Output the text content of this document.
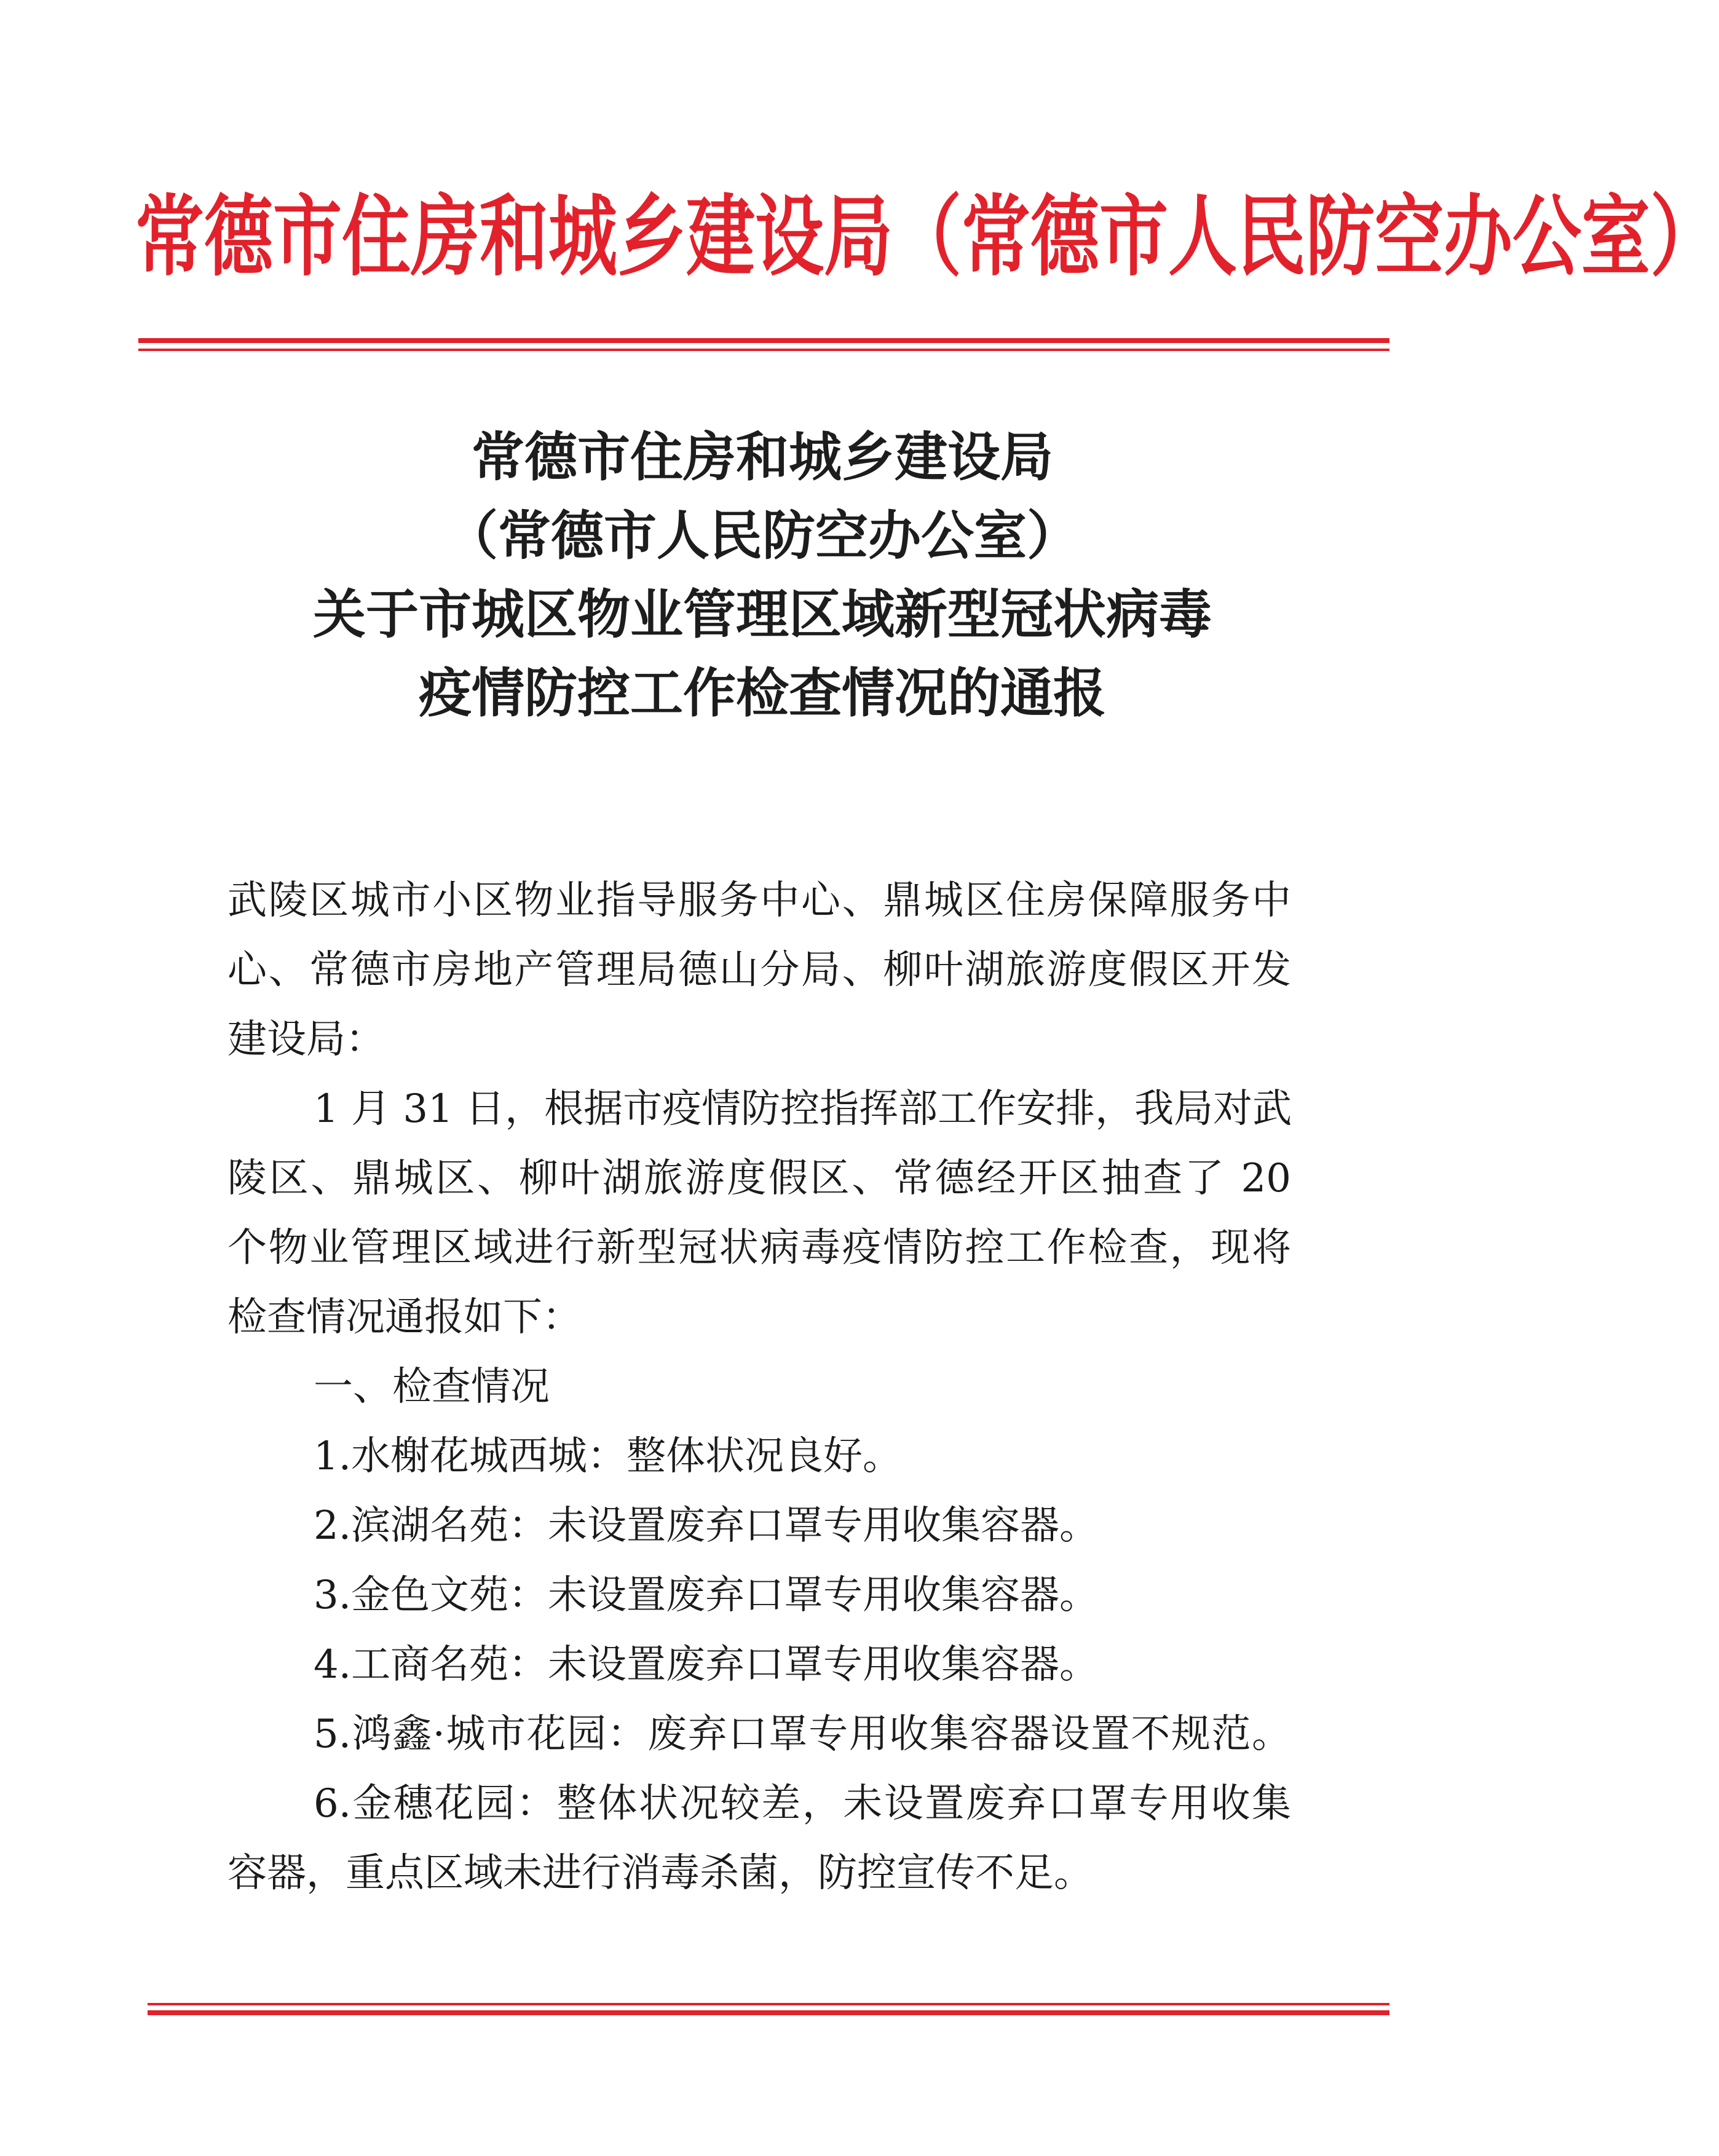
常德市住房和城乡建设局（常德市人民防空办公室）
常德市住房和城乡建设局
（常德市人民防空办公室）
关于市城区物业管理区域新型冠状病毒
疫情防控工作检查情况的通报
武陵区城市小区物业指导服务中心、鼎城区住房保障服务中
心、常德市房地产管理局德山分局、柳叶湖旅游度假区开发
建设局：
1 月 31 日，根据市疫情防控指挥部工作安排，我局对武
陵区、鼎城区、柳叶湖旅游度假区、常德经开区抽查了 20
个物业管理区域进行新型冠状病毒疫情防控工作检查，现将
检查情况通报如下：
一、检查情况
1.水榭花城西城：整体状况良好。
2.滨湖名苑：未设置废弃口罩专用收集容器。
3.金色文苑：未设置废弃口罩专用收集容器。
4.工商名苑：未设置废弃口罩专用收集容器。
5.鸿鑫·城市花园：废弃口罩专用收集容器设置不规范。
6.金穗花园：整体状况较差，未设置废弃口罩专用收集
容器，重点区域未进行消毒杀菌，防控宣传不足。
